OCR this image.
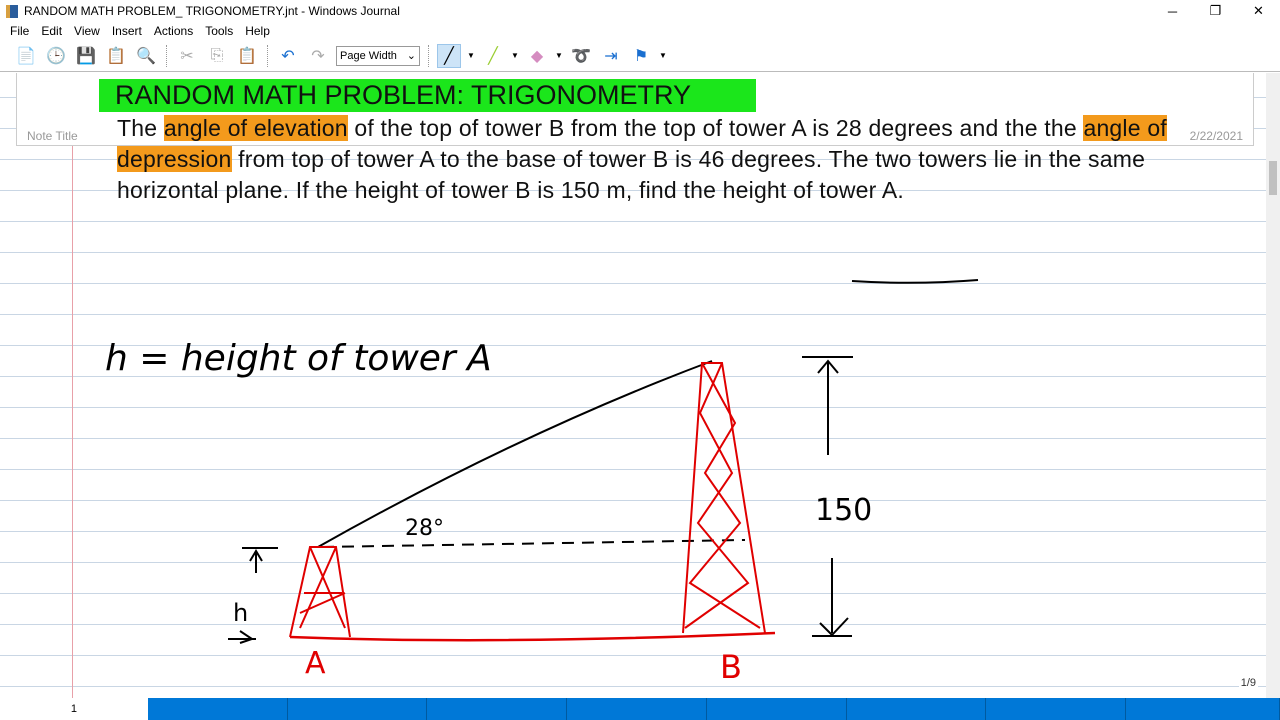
RANDOM MATH PROBLEM_ TRIGONOMETRY.jnt - Windows Journal	─	❐	✕
File	Edit	View	Insert	Actions	Tools	Help
📄 🕒 💾 📋 🔍	✂	⎘ 📋	↶	↷	Page Width ⌄	╱	▼ ╱	▼ ◆	▼ ➰ ⇥	⚑	▼
RANDOM MATH PROBLEM: TRIGONOMETRY
Note Title	2/22/2021
The angle of elevation of the top of tower B from the top of tower A is 28 degrees and the the angle of depression from top of tower A to the base of tower B is 46 degrees. The two towers lie in the same horizontal plane. If the height of tower B is 150 m, find the height of tower A.
h = height of tower A
28°
h
150
A	B	1/9
1
